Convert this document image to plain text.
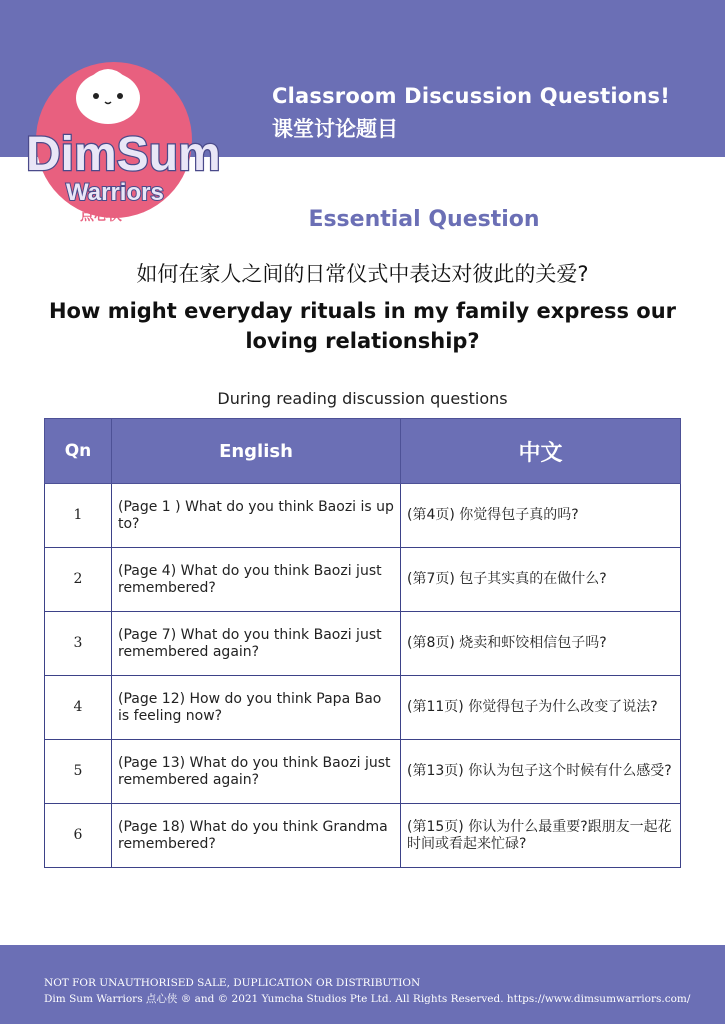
DimSum
Warriors
点心侠
Classroom Discussion Questions!
课堂讨论题目
Essential Question
如何在家人之间的日常仪式中表达对彼此的关爱?
How might everyday rituals in my family express our loving relationship?
During reading discussion questions
Qn	English	中文
1	(Page 1 ) What do you think Baozi is up to?	(第4页) 你觉得包子真的吗?
2	(Page 4) What do you think Baozi just remembered?	(第7页) 包子其实真的在做什么?
3	(Page 7) What do you think Baozi just remembered again?	(第8页) 烧卖和虾饺相信包子吗?
4	(Page 12) How do you think Papa Bao is feeling now?	(第11页) 你觉得包子为什么改变了说法?
5	(Page 13) What do you think Baozi just remembered again?	(第13页) 你认为包子这个时候有什么感受?
6	(Page 18) What do you think Grandma remembered?	(第15页) 你认为什么最重要?跟朋友一起花时间或看起来忙碌?
NOT FOR UNAUTHORISED SALE, DUPLICATION OR DISTRIBUTION
Dim Sum Warriors 点心侠 ® and © 2021 Yumcha Studios Pte Ltd. All Rights Reserved. https://www.dimsumwarriors.com/
